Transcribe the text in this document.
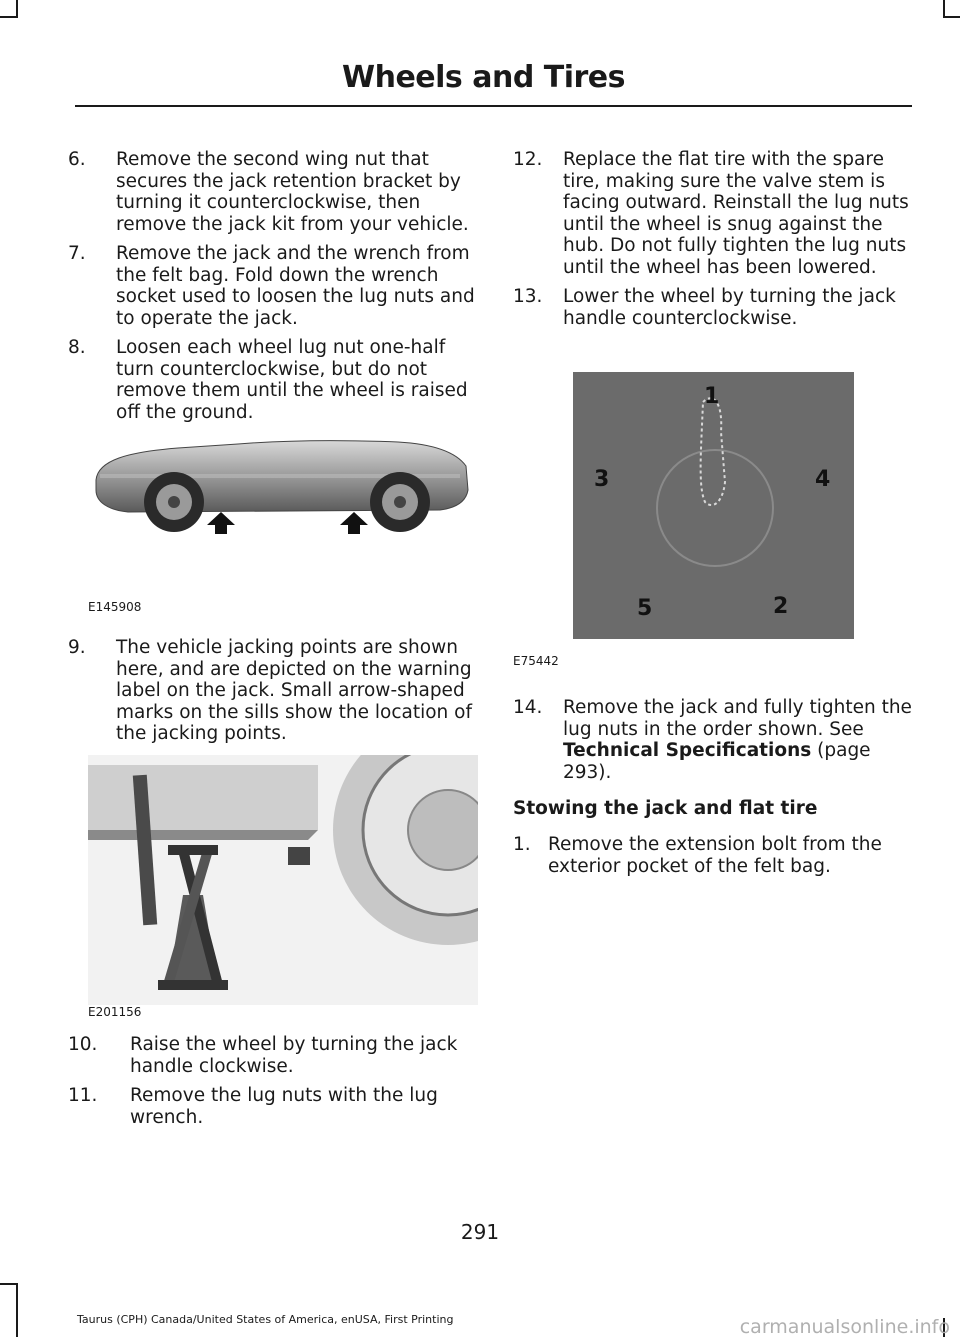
Wheels and Tires
6. Remove the second wing nut that
secures the jack retention bracket by
turning it counterclockwise, then
remove the jack kit from your vehicle.
7. Remove the jack and the wrench from
the felt bag. Fold down the wrench
socket used to loosen the lug nuts and
to operate the jack.
8. Loosen each wheel lug nut one-half
turn counterclockwise, but do not
remove them until the wheel is raised
off the ground.
9. The vehicle jacking points are shown
here, and are depicted on the warning
label on the jack. Small arrow-shaped
marks on the sills show the location of
the jacking points.
10. Raise the wheel by turning the jack
handle clockwise.
11. Remove the lug nuts with the lug
wrench.
E145908
E201156
12. Replace the flat tire with the spare
tire, making sure the valve stem is
facing outward. Reinstall the lug nuts
until the wheel is snug against the
hub. Do not fully tighten the lug nuts
until the wheel has been lowered.
13. Lower the wheel by turning the jack
handle counterclockwise.
14. Remove the jack and fully tighten the
lug nuts in the order shown. See
Technical Specifications (page
293).
Stowing the jack and flat tire
1. Remove the extension bolt from the
exterior pocket of the felt bag.
1
3	4
5	2
E75442
291
Taurus (CPH) Canada/United States of America, enUSA, First Printing	carmanualsonline.info
